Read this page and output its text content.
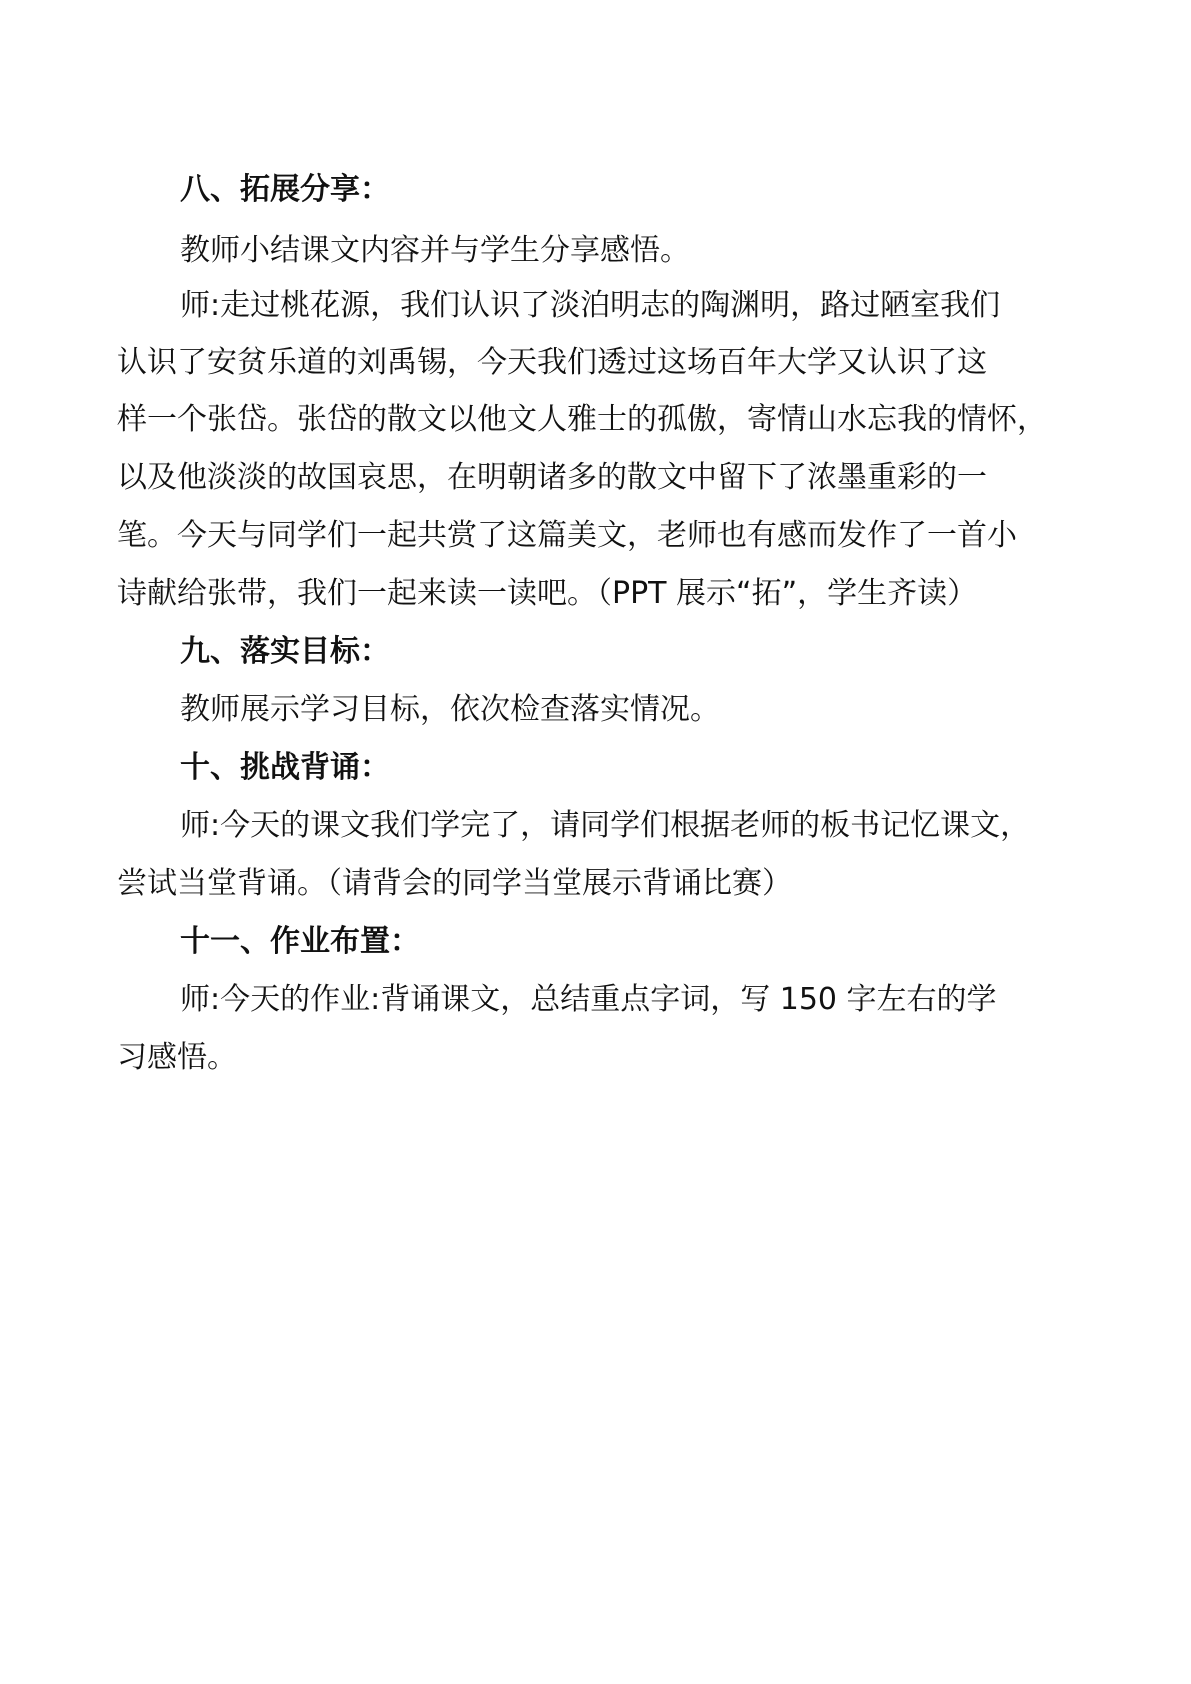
八、拓展分享：
教师小结课文内容并与学生分享感悟。
师:走过桃花源，我们认识了淡泊明志的陶渊明，路过陋室我们
认识了安贫乐道的刘禹锡，今天我们透过这场百年大学又认识了这
样一个张岱。张岱的散文以他文人雅士的孤傲，寄情山水忘我的情怀，
以及他淡淡的故国哀思，在明朝诸多的散文中留下了浓墨重彩的一
笔。今天与同学们一起共赏了这篇美文，老师也有感而发作了一首小
诗献给张带，我们一起来读一读吧。（PPT 展示“拓”，学生齐读）
九、落实目标：
教师展示学习目标，依次检查落实情况。
十、挑战背诵：
师:今天的课文我们学完了，请同学们根据老师的板书记忆课文，
尝试当堂背诵。（请背会的同学当堂展示背诵比赛）
十一、作业布置：
师:今天的作业:背诵课文，总结重点字词，写 150 字左右的学
习感悟。
